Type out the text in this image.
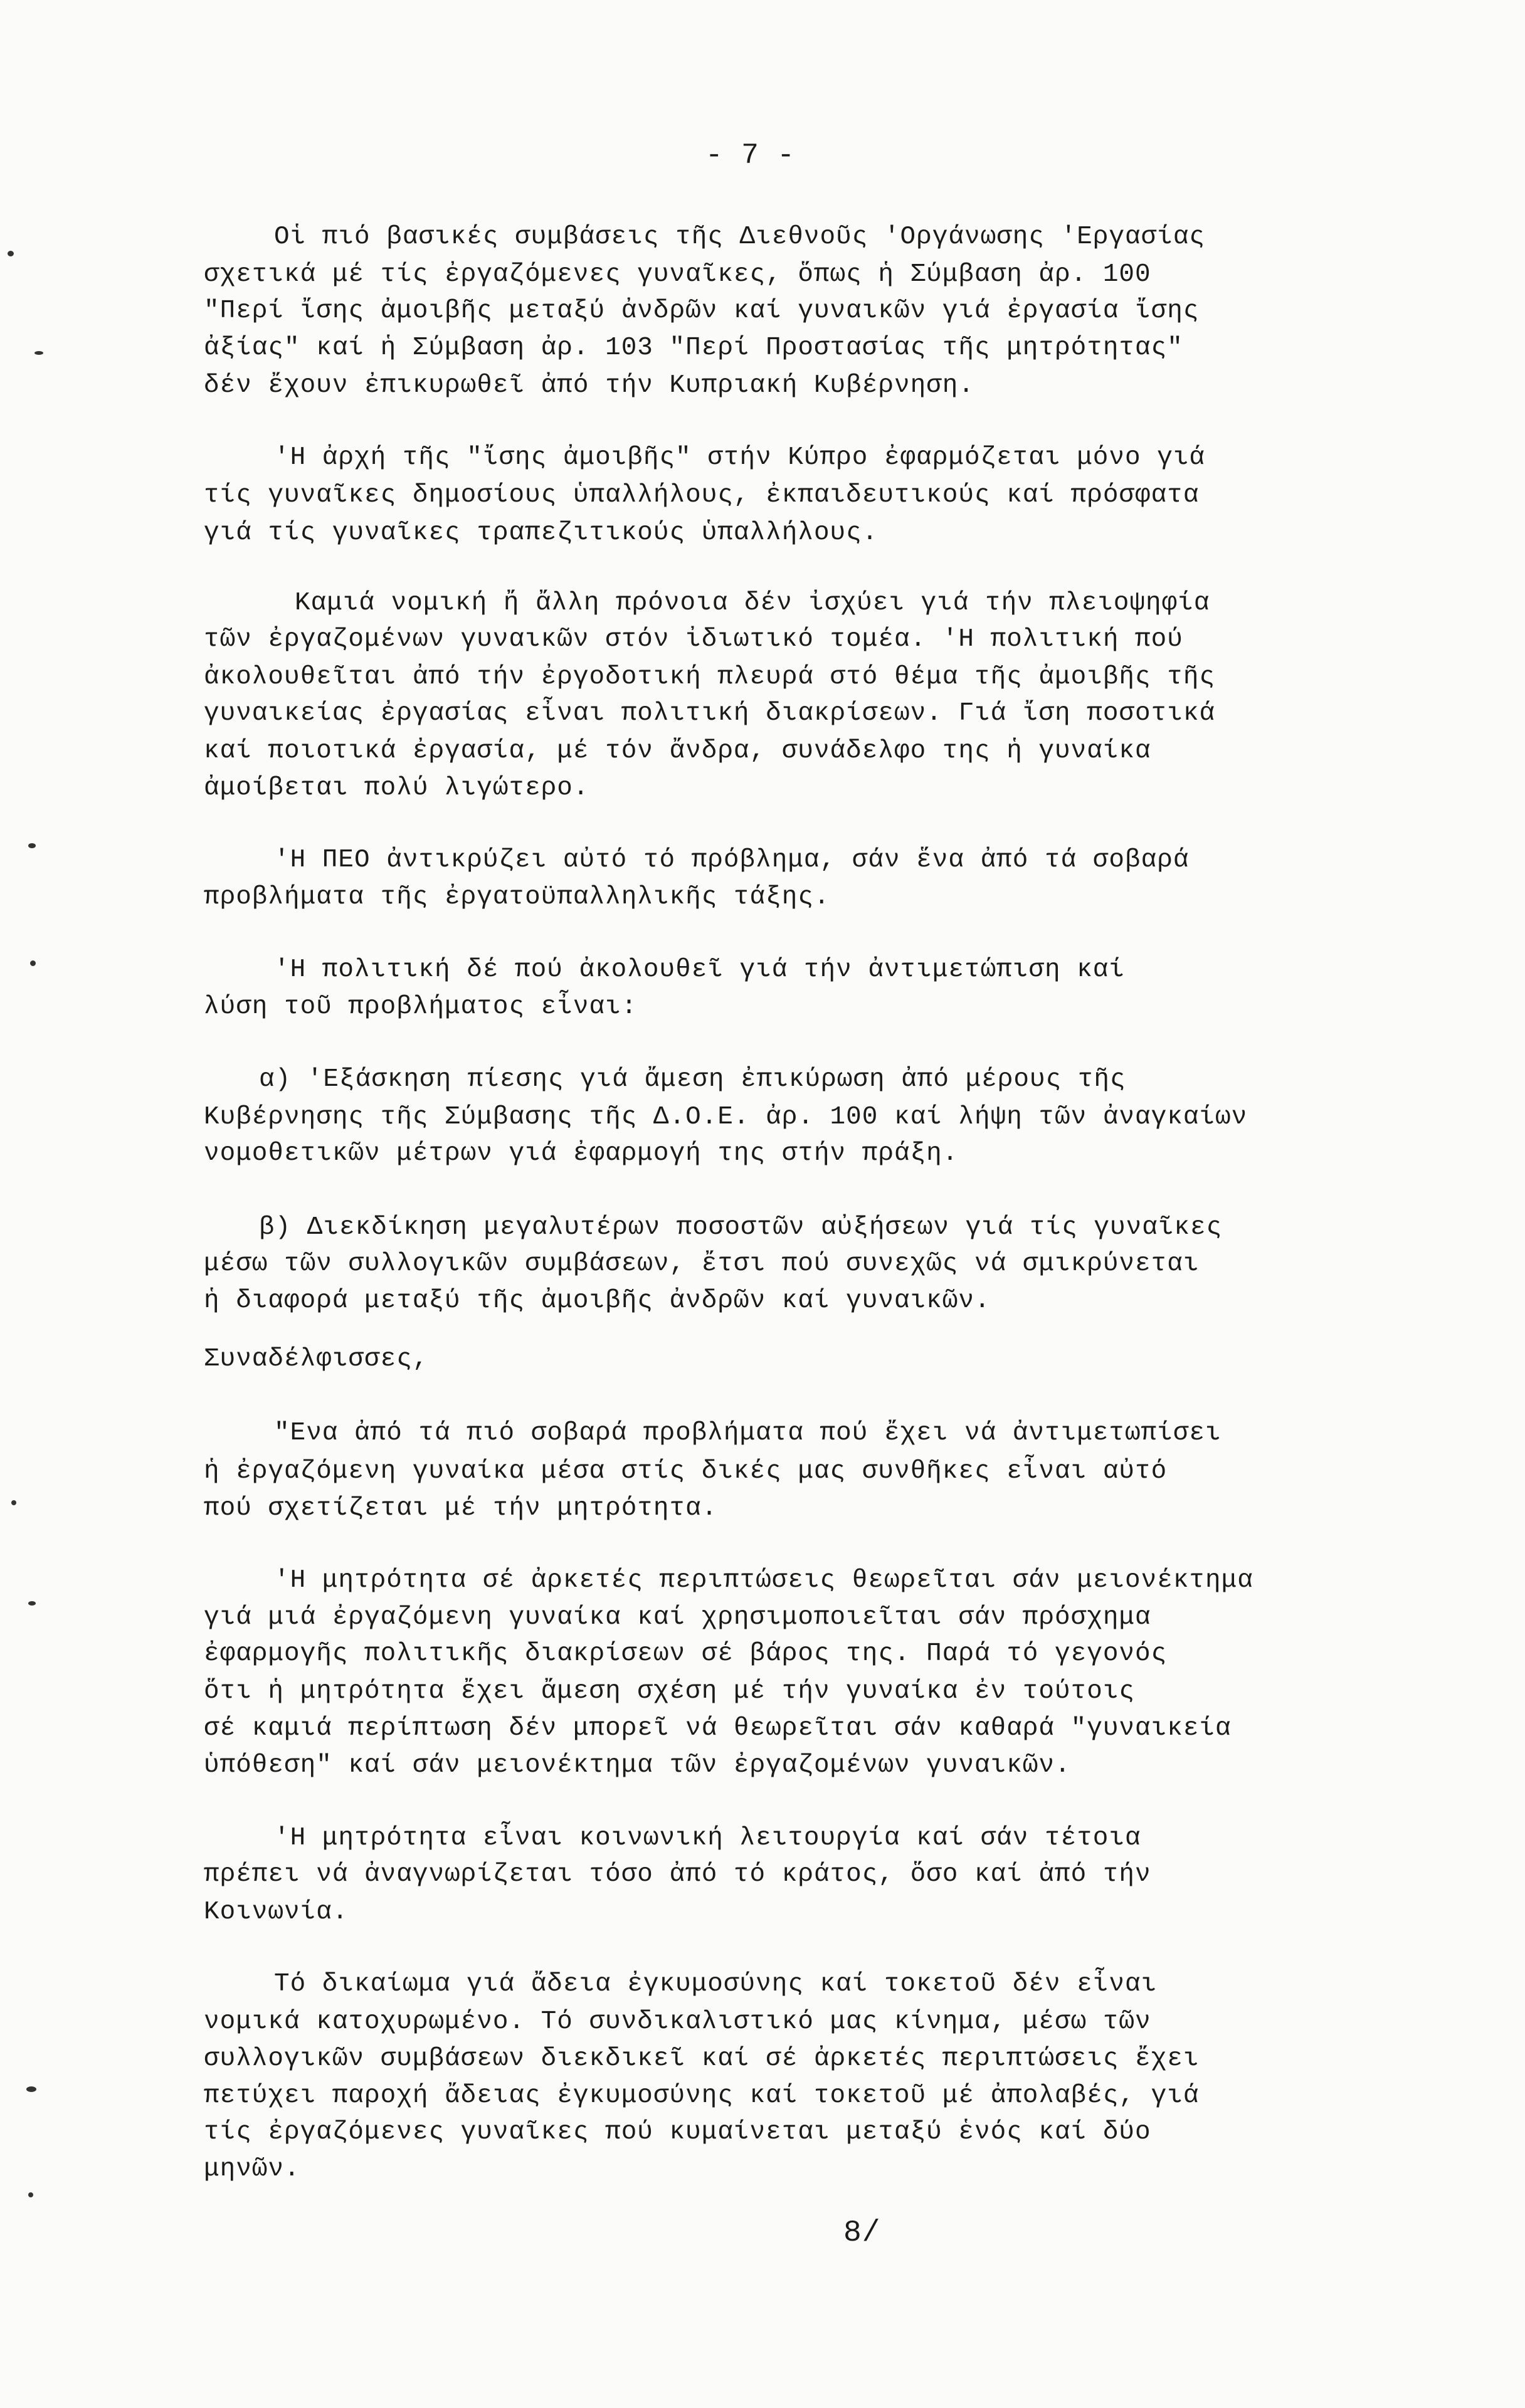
- 7 -
Οἱ πιό βασικές συμβάσεις τῆς Διεθνοῦς 'Οργάνωσης 'Εργασίας
σχετικά μέ τίς ἐργαζόμενες γυναῖκες, ὅπως ἡ Σύμβαση ἀρ. 100
"Περί ἴσης ἀμοιβῆς μεταξύ ἀνδρῶν καί γυναικῶν γιά ἐργασία ἴσης
ἀξίας" καί ἡ Σύμβαση ἀρ. 103 "Περί Προστασίας τῆς μητρότητας"
δέν ἔχουν ἐπικυρωθεῖ ἀπό τήν Κυπριακή Κυβέρνηση.
'Η ἀρχή τῆς "ἴσης ἀμοιβῆς" στήν Κύπρο ἐφαρμόζεται μόνο γιά
τίς γυναῖκες δημοσίους ὑπαλλήλους, ἐκπαιδευτικούς καί πρόσφατα
γιά τίς γυναῖκες τραπεζιτικούς ὑπαλλήλους.
Καμιά νομική ἤ ἄλλη πρόνοια δέν ἰσχύει γιά τήν πλειοψηφία
τῶν ἐργαζομένων γυναικῶν στόν ἰδιωτικό τομέα. 'Η πολιτική πού
ἀκολουθεῖται ἀπό τήν ἐργοδοτική πλευρά στό θέμα τῆς ἀμοιβῆς τῆς
γυναικείας ἐργασίας εἶναι πολιτική διακρίσεων. Γιά ἴση ποσοτικά
καί ποιοτικά ἐργασία, μέ τόν ἄνδρα, συνάδελφο της ἡ γυναίκα
ἀμοίβεται πολύ λιγώτερο.
'Η ΠΕΟ ἀντικρύζει αὐτό τό πρόβλημα, σάν ἕνα ἀπό τά σοβαρά
προβλήματα τῆς ἐργατοϋπαλληλικῆς τάξης.
'Η πολιτική δέ πού ἀκολουθεῖ γιά τήν ἀντιμετώπιση καί
λύση τοῦ προβλήματος εἶναι:
α) 'Εξάσκηση πίεσης γιά ἄμεση ἐπικύρωση ἀπό μέρους τῆς
Κυβέρνησης τῆς Σύμβασης τῆς Δ.Ο.Ε. ἀρ. 100 καί λήψη τῶν ἀναγκαίων
νομοθετικῶν μέτρων γιά ἐφαρμογή της στήν πράξη.
β) Διεκδίκηση μεγαλυτέρων ποσοστῶν αὐξήσεων γιά τίς γυναῖκες
μέσω τῶν συλλογικῶν συμβάσεων, ἔτσι πού συνεχῶς νά σμικρύνεται
ἡ διαφορά μεταξύ τῆς ἀμοιβῆς ἀνδρῶν καί γυναικῶν.
Συναδέλφισσες,
"Ενα ἀπό τά πιό σοβαρά προβλήματα πού ἔχει νά ἀντιμετωπίσει
ἡ ἐργαζόμενη γυναίκα μέσα στίς δικές μας συνθῆκες εἶναι αὐτό
πού σχετίζεται μέ τήν μητρότητα.
'Η μητρότητα σέ ἀρκετές περιπτώσεις θεωρεῖται σάν μειονέκτημα
γιά μιά ἐργαζόμενη γυναίκα καί χρησιμοποιεῖται σάν πρόσχημα
ἐφαρμογῆς πολιτικῆς διακρίσεων σέ βάρος της. Παρά τό γεγονός
ὅτι ἡ μητρότητα ἔχει ἄμεση σχέση μέ τήν γυναίκα ἐν τούτοις
σέ καμιά περίπτωση δέν μπορεῖ νά θεωρεῖται σάν καθαρά "γυναικεία
ὑπόθεση" καί σάν μειονέκτημα τῶν ἐργαζομένων γυναικῶν.
'Η μητρότητα εἶναι κοινωνική λειτουργία καί σάν τέτοια
πρέπει νά ἀναγνωρίζεται τόσο ἀπό τό κράτος, ὅσο καί ἀπό τήν
Κοινωνία.
Τό δικαίωμα γιά ἄδεια ἐγκυμοσύνης καί τοκετοῦ δέν εἶναι
νομικά κατοχυρωμένο. Τό συνδικαλιστικό μας κίνημα, μέσω τῶν
συλλογικῶν συμβάσεων διεκδικεῖ καί σέ ἀρκετές περιπτώσεις ἔχει
πετύχει παροχή ἄδειας ἐγκυμοσύνης καί τοκετοῦ μέ ἀπολαβές, γιά
τίς ἐργαζόμενες γυναῖκες πού κυμαίνεται μεταξύ ἑνός καί δύο
μηνῶν.
8/
